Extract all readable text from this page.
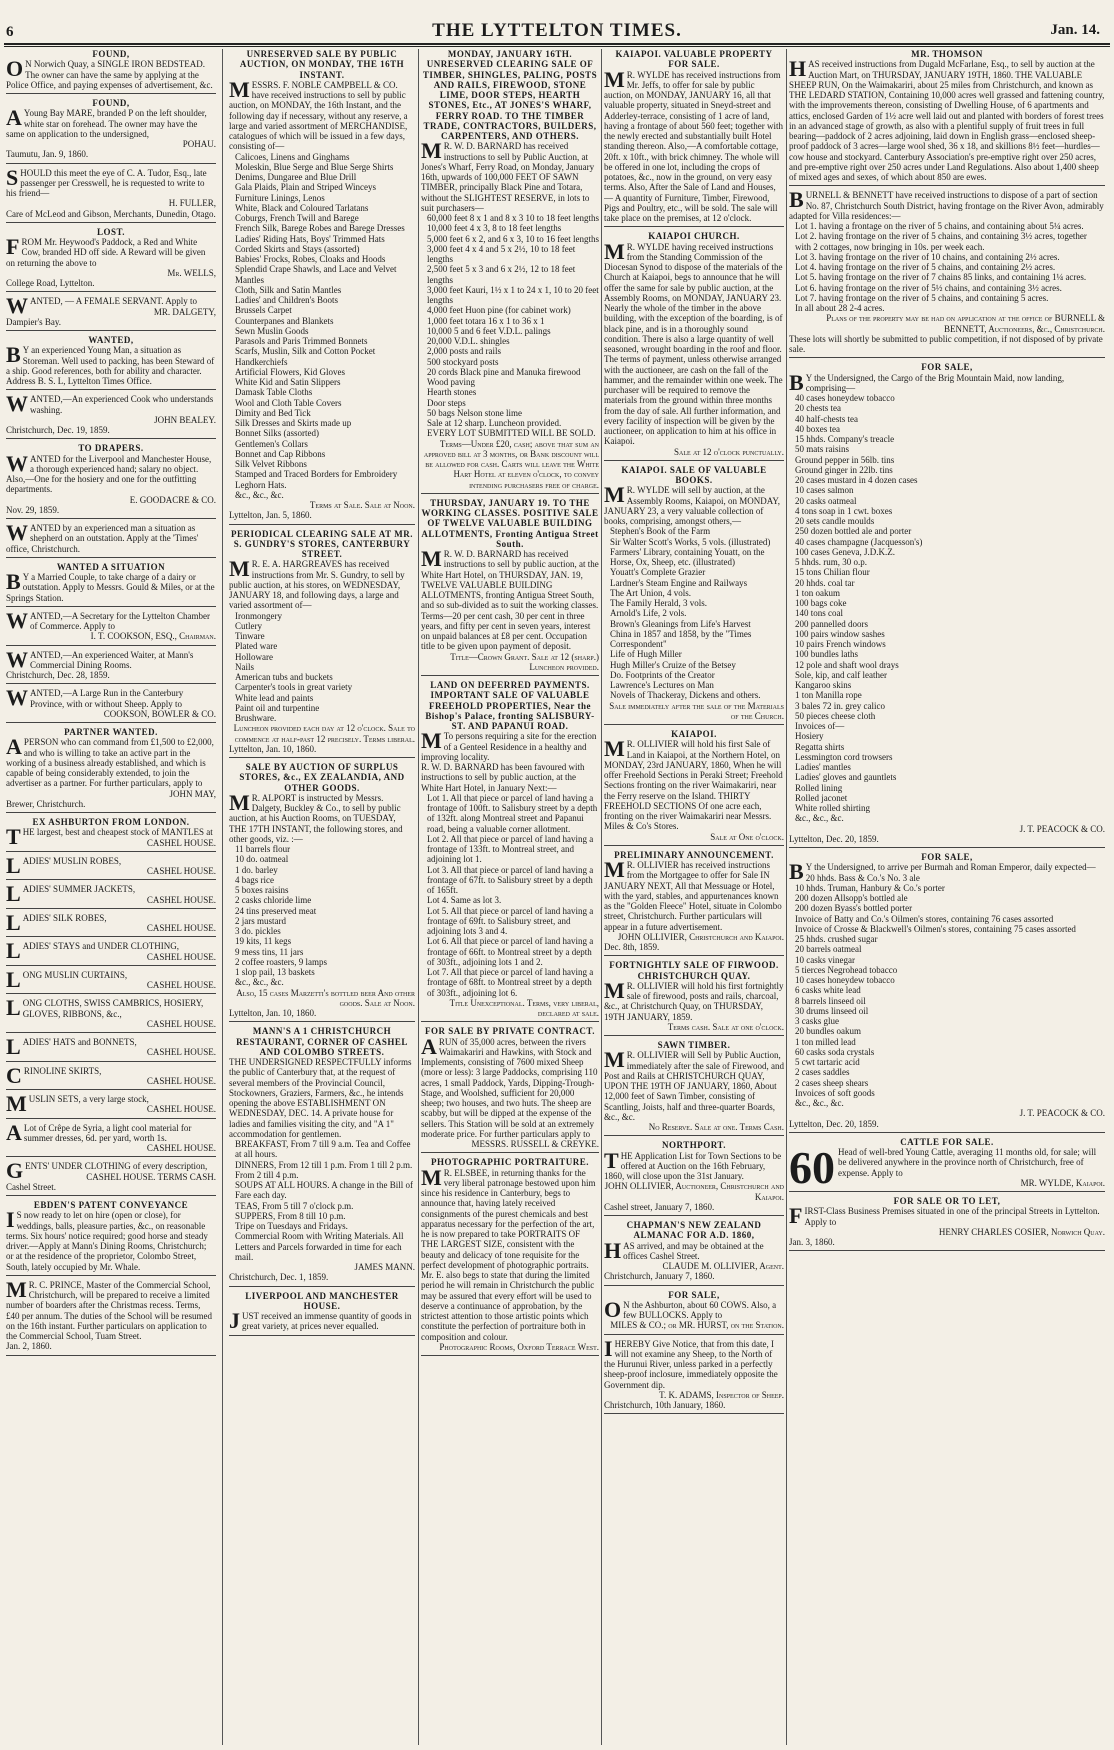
6	THE LYTTELTON TIMES.	Jan. 14.

FOUND,

O N Norwich Quay, a SINGLE IRON BEDSTEAD. The owner can have the same by applying at the Police Office, and paying expenses of advertisement, &c.

FOUND,

A Young Bay MARE, branded P on the left shoulder, white star on forehead. The owner may have the same on application to the undersigned,

POHAU.

Taumutu, Jan. 9, 1860.

SHOULD this meet the eye of C. A. Tudor, Esq., late passenger per Cresswell, he is requested to write to his friend—

H. FULLER,

Care of McLeod and Gibson, Merchants, Dunedin, Otago.

LOST.

FROM Mr. Heywood's Paddock, a Red and White Cow, branded HD off side. A Reward will be given on returning the above to

Mr. WELLS,

College Road, Lyttelton.

WANTED, — A FEMALE SERVANT. Apply to

MR. DALGETY,

Dampier's Bay.

WANTED,

B Y an experienced Young Man, a situation as Storeman. Well used to packing, has been Steward of a ship. Good references, both for ability and character.

Address B. S. L, Lyttelton Times Office.

WANTED,—An experienced Cook who understands washing.

JOHN BEALEY.

Christchurch, Dec. 19, 1859.

TO DRAPERS.

WANTED for the Liverpool and Manchester House, a thorough experienced hand; salary no object. Also,—One for the hosiery and one for the outfitting departments.

E. GOODACRE & CO.

Nov. 29, 1859.

WANTED by an experienced man a situation as shepherd on an outstation. Apply at the 'Times' office, Christchurch.

WANTED A SITUATION

B Y a Married Couple, to take charge of a dairy or outstation. Apply to Messrs. Gould & Miles, or at the Springs Station.

WANTED,—A Secretary for the Lyttelton Chamber of Commerce. Apply to

I. T. COOKSON, ESQ., Chairman.

WANTED,—An experienced Waiter, at Mann's Commercial Dining Rooms.

Christchurch, Dec. 28, 1859.

WANTED,—A Large Run in the Canterbury Province, with or without Sheep. Apply to

COOKSON, BOWLER & CO.

PARTNER WANTED.

A PERSON who can command from £1,500 to £2,000, and who is willing to take an active part in the working of a business already established, and which is capable of being considerably extended, to join the advertiser as a partner. For further particulars, apply to

JOHN MAY,

Brewer, Christchurch.

EX ASHBURTON FROM LONDON.

THE largest, best and cheapest stock of MANTLES at

CASHEL HOUSE.

LADIES' MUSLIN ROBES,

CASHEL HOUSE.

LADIES' SUMMER JACKETS,

CASHEL HOUSE.

LADIES' SILK ROBES,

CASHEL HOUSE.

LADIES' STAYS and UNDER CLOTHING,

CASHEL HOUSE.

LONG MUSLIN CURTAINS,

CASHEL HOUSE.

LONG CLOTHS, SWISS CAMBRICS, HOSIERY, GLOVES, RIBBONS, &c.,

CASHEL HOUSE.

LADIES' HATS and BONNETS,

CASHEL HOUSE.

CRINOLINE SKIRTS,

CASHEL HOUSE.

MUSLIN SETS, a very large stock,

CASHEL HOUSE.

A Lot of Crêpe de Syria, a light cool material for summer dresses, 6d. per yard, worth 1s.

CASHEL HOUSE.

GENTS' UNDER CLOTHING of every description,

CASHEL HOUSE. TERMS CASH.

Cashel Street.

EBDEN'S PATENT CONVEYANCE

I S now ready to let on hire (open or close), for weddings, balls, pleasure parties, &c., on reasonable terms. Six hours' notice required; good horse and steady driver.—Apply at Mann's Dining Rooms, Christchurch; or at the residence of the proprietor, Colombo Street, South, lately occupied by Mr. Whale.

M R. C. PRINCE, Master of the Commercial School, Christchurch, will be prepared to receive a limited number of boarders after the Christmas recess. Terms, £40 per annum. The duties of the School will be resumed on the 16th instant. Further particulars on application to the Commercial School, Tuam Street.

Jan. 2, 1860.

UNRESERVED SALE BY PUBLIC AUCTION, ON MONDAY, THE 16TH INSTANT.

MESSRS. F. NOBLE CAMPBELL & CO. have received instructions to sell by public auction, on MONDAY, the 16th Instant, and the following day if necessary, without any reserve, a large and varied assortment of MERCHANDISE, catalogues of which will be issued in a few days, consisting of—

Calicoes, Linens and Ginghams

Moleskin, Blue Serge and Blue Serge Shirts

Denims, Dungaree and Blue Drill

Gala Plaids, Plain and Striped Winceys

Furniture Linings, Lenos

White, Black and Coloured Tarlatans

Coburgs, French Twill and Barege

French Silk, Barege Robes and Barege Dresses

Ladies' Riding Hats, Boys' Trimmed Hats

Corded Skirts and Stays (assorted)

Babies' Frocks, Robes, Cloaks and Hoods

Splendid Crape Shawls, and Lace and Velvet Mantles

Cloth, Silk and Satin Mantles

Ladies' and Children's Boots

Brussels Carpet

Counterpanes and Blankets

Sewn Muslin Goods

Parasols and Paris Trimmed Bonnets

Scarfs, Muslin, Silk and Cotton Pocket Handkerchiefs

Artificial Flowers, Kid Gloves

White Kid and Satin Slippers

Damask Table Cloths

Wool and Cloth Table Covers

Dimity and Bed Tick

Silk Dresses and Skirts made up

Bonnet Silks (assorted)

Gentlemen's Collars

Bonnet and Cap Ribbons

Silk Velvet Ribbons

Stamped and Traced Borders for Embroidery

Leghorn Hats.

&c., &c., &c.

Terms at Sale. Sale at Noon.

Lyttelton, Jan. 5, 1860.

PERIODICAL CLEARING SALE AT MR. S. GUNDRY'S STORES, CANTERBURY STREET.

M R. E. A. HARGREAVES has received instructions from Mr. S. Gundry, to sell by public auction, at his stores, on WEDNESDAY, JANUARY 18, and following days, a large and varied assortment of—

Ironmongery

Cutlery

Tinware

Plated ware

Holloware

Nails

American tubs and buckets

Carpenter's tools in great variety

White lead and paints

Paint oil and turpentine

Brushware.

Luncheon provided each day at 12 o'clock. Sale to commence at half-past 12 precisely. Terms liberal.

Lyttelton, Jan. 10, 1860.

SALE BY AUCTION OF SURPLUS STORES, &c., EX ZEALANDIA, AND OTHER GOODS.

M R. ALPORT is instructed by Messrs. Dalgety, Buckley & Co., to sell by public auction, at his Auction Rooms, on TUESDAY, THE 17TH INSTANT, the following stores, and other goods, viz. :—

11 barrels flour

10 do. oatmeal

1 do. barley

4 bags rice

5 boxes raisins

2 casks chloride lime

24 tins preserved meat

2 jars mustard

3 do. pickles

19 kits, 11 kegs

9 mess tins, 11 jars

2 coffee roasters, 9 lamps

1 slop pail, 13 baskets

&c., &c., &c.

Also, 15 cases Marzetti's bottled beer And other goods. Sale at Noon.

Lyttelton, Jan. 10, 1860.

MANN'S A 1 CHRISTCHURCH RESTAURANT, CORNER OF CASHEL AND COLOMBO STREETS.

THE UNDERSIGNED RESPECTFULLY informs the public of Canterbury that, at the request of several members of the Provincial Council, Stockowners, Graziers, Farmers, &c., he intends opening the above ESTABLISHMENT ON WEDNESDAY, DEC. 14. A private house for ladies and families visiting the city, and "A 1" accommodation for gentlemen.

BREAKFAST, From 7 till 9 a.m. Tea and Coffee at all hours.

DINNERS, From 12 till 1 p.m. From 1 till 2 p.m. From 2 till 4 p.m.

SOUPS AT ALL HOURS. A change in the Bill of Fare each day.

TEAS, From 5 till 7 o'clock p.m.

SUPPERS, From 8 till 10 p.m.

Tripe on Tuesdays and Fridays.

Commercial Room with Writing Materials. All Letters and Parcels forwarded in time for each mail.

JAMES MANN.

Christchurch, Dec. 1, 1859.

LIVERPOOL AND MANCHESTER HOUSE.

JUST received an immense quantity of goods in great variety, at prices never equalled.

MONDAY, JANUARY 16TH. UNRESERVED CLEARING SALE OF TIMBER, SHINGLES, PALING, POSTS AND RAILS, FIREWOOD, STONE LIME, DOOR STEPS, HEARTH STONES, Etc., AT JONES'S WHARF, FERRY ROAD. TO THE TIMBER TRADE, CONTRACTORS, BUILDERS, CARPENTERS, AND OTHERS.

M R. W. D. BARNARD has received instructions to sell by Public Auction, at Jones's Wharf, Ferry Road, on Monday, January 16th, upwards of 100,000 FEET OF SAWN TIMBER, principally Black Pine and Totara, without the SLIGHTEST RESERVE, in lots to suit purchasers—

60,000 feet 8 x 1 and 8 x 3 10 to 18 feet lengths

10,000 feet 4 x 3, 8 to 18 feet lengths

5,000 feet 6 x 2, and 6 x 3, 10 to 16 feet lengths

3,000 feet 4 x 4 and 5 x 2½, 10 to 18 feet lengths

2,500 feet 5 x 3 and 6 x 2½, 12 to 18 feet lengths

3,000 feet Kauri, 1½ x 1 to 24 x 1, 10 to 20 feet lengths

4,000 feet Huon pine (for cabinet work)

1,000 feet totara 16 x 1 to 36 x 1

10,000 5 and 6 feet V.D.L. palings

20,000 V.D.L. shingles

2,000 posts and rails

500 stockyard posts

20 cords Black pine and Manuka firewood

Wood paving

Hearth stones

Door steps

50 bags Nelson stone lime

Sale at 12 sharp. Luncheon provided.

EVERY LOT SUBMITTED WILL BE SOLD.

Terms—Under £20, cash; above that sum an approved bill at 3 months, or Bank discount will be allowed for cash. Carts will leave the White Hart Hotel at eleven o'clock, to convey intending purchasers free of charge.

THURSDAY, JANUARY 19. TO THE WORKING CLASSES. POSITIVE SALE OF TWELVE VALUABLE BUILDING ALLOTMENTS, Fronting Antigua Street South.

M R. W. D. BARNARD has received instructions to sell by public auction, at the White Hart Hotel, on THURSDAY, JAN. 19, TWELVE VALUABLE BUILDING ALLOTMENTS, fronting Antigua Street South, and so sub-divided as to suit the working classes. Terms—20 per cent cash, 30 per cent in three years, and fifty per cent in seven years, interest on unpaid balances at £8 per cent. Occupation title to be given upon payment of deposit.

Title—Crown Grant. Sale at 12 (sharp.) Luncheon provided.

LAND ON DEFERRED PAYMENTS. IMPORTANT SALE OF VALUABLE FREEHOLD PROPERTIES, Near the Bishop's Palace, fronting SALISBURY-ST. AND PAPANUI ROAD.

M To persons requiring a site for the erection of a Genteel Residence in a healthy and improving locality.

R. W. D. BARNARD has been favoured with instructions to sell by public auction, at the White Hart Hotel, in January Next:—

Lot 1. All that piece or parcel of land having a frontage of 100ft. to Salisbury street by a depth of 132ft. along Montreal street and Papanui road, being a valuable corner allotment.

Lot 2. All that piece or parcel of land having a frontage of 133ft. to Montreal street, and adjoining lot 1.

Lot 3. All that piece or parcel of land having a frontage of 67ft. to Salisbury street by a depth of 165ft.

Lot 4. Same as lot 3.

Lot 5. All that piece or parcel of land having a frontage of 69ft. to Salisbury street, and adjoining lots 3 and 4.

Lot 6. All that piece or parcel of land having a frontage of 66ft. to Montreal street by a depth of 303ft., adjoining lots 1 and 2.

Lot 7. All that piece or parcel of land having a frontage of 68ft. to Montreal street by a depth of 303ft., adjoining lot 6.

Title Unexceptional. Terms, very liberal, declared at sale.

FOR SALE BY PRIVATE CONTRACT.

A RUN of 35,000 acres, between the rivers Waimakariri and Hawkins, with Stock and Implements, consisting of 7600 mixed Sheep (more or less): 3 large Paddocks, comprising 110 acres, 1 small Paddock, Yards, Dipping-Trough-Stage, and Woolshed, sufficient for 20,000 sheep; two houses, and two huts. The sheep are scabby, but will be dipped at the expense of the sellers. This Station will be sold at an extremely moderate price. For further particulars apply to

MESSRS. RUSSELL & CREYKE.

PHOTOGRAPHIC PORTRAITURE.

M R. ELSBEE, in returning thanks for the very liberal patronage bestowed upon him since his residence in Canterbury, begs to announce that, having lately received consignments of the purest chemicals and best apparatus necessary for the perfection of the art, he is now prepared to take PORTRAITS OF THE LARGEST SIZE, consistent with the beauty and delicacy of tone requisite for the perfect development of photographic portraits. Mr. E. also begs to state that during the limited period he will remain in Christchurch the public may be assured that every effort will be used to deserve a continuance of approbation, by the strictest attention to those artistic points which constitute the perfection of portraiture both in composition and colour.

Photographic Rooms, Oxford Terrace West.

KAIAPOI. VALUABLE PROPERTY FOR SALE.

M R. WYLDE has received instructions from Mr. Jeffs, to offer for sale by public auction, on MONDAY, JANUARY 16, all that valuable property, situated in Sneyd-street and Adderley-terrace, consisting of 1 acre of land, having a frontage of about 560 feet; together with the newly erected and substantially built Hotel standing thereon. Also,—A comfortable cottage, 20ft. x 10ft., with brick chimney. The whole will be offered in one lot, including the crops of potatoes, &c., now in the ground, on very easy terms. Also, After the Sale of Land and Houses,— A quantity of Furniture, Timber, Firewood, Pigs and Poultry, etc., will be sold. The sale will take place on the premises, at 12 o'clock.

KAIAPOI CHURCH.

M R. WYLDE having received instructions from the Standing Commission of the Diocesan Synod to dispose of the materials of the Church at Kaiapoi, begs to announce that he will offer the same for sale by public auction, at the Assembly Rooms, on MONDAY, JANUARY 23. Nearly the whole of the timber in the above building, with the exception of the boarding, is of black pine, and is in a thoroughly sound condition. There is also a large quantity of well seasoned, wrought boarding in the roof and floor. The terms of payment, unless otherwise arranged with the auctioneer, are cash on the fall of the hammer, and the remainder within one week. The purchaser will be required to remove the materials from the ground within three months from the day of sale. All further information, and every facility of inspection will be given by the auctioneer, on application to him at his office in Kaiapoi.

Sale at 12 o'clock punctually.

KAIAPOI. SALE OF VALUABLE BOOKS.

M R. WYLDE will sell by auction, at the Assembly Rooms, Kaiapoi, on MONDAY, JANUARY 23, a very valuable collection of books, comprising, amongst others,—

Stephen's Book of the Farm

Sir Walter Scott's Works, 5 vols. (illustrated)

Farmers' Library, containing Youatt, on the Horse, Ox, Sheep, etc. (illustrated)

Youatt's Complete Grazier

Lardner's Steam Engine and Railways

The Art Union, 4 vols.

The Family Herald, 3 vols.

Arnold's Life, 2 vols.

Brown's Gleanings from Life's Harvest

China in 1857 and 1858, by the "Times Correspondent"

Life of Hugh Miller

Hugh Miller's Cruize of the Betsey

Do. Footprints of the Creator

Lawrence's Lectures on Man

Novels of Thackeray, Dickens and others.

Sale immediately after the sale of the Materials of the Church.

KAIAPOI.

M R. OLLIVIER will hold his first Sale of Land in Kaiapoi, at the Northern Hotel, on MONDAY, 23rd JANUARY, 1860, When he will offer Freehold Sections in Peraki Street; Freehold Sections fronting on the river Waimakariri, near the Ferry reserve on the Island. THIRTY FREEHOLD SECTIONS Of one acre each, fronting on the river Waimakariri near Messrs. Miles & Co's Stores.

Sale at One o'clock.

PRELIMINARY ANNOUNCEMENT.

M R. OLLIVIER has received instructions from the Mortgagee to offer for Sale IN JANUARY NEXT, All that Messuage or Hotel, with the yard, stables, and appurtenances known as the "Golden Fleece" Hotel, situate in Colombo street, Christchurch. Further particulars will appear in a future advertisement.

JOHN OLLIVIER, Christchurch and Kaiapoi.

Dec. 8th, 1859.

FORTNIGHTLY SALE OF FIRWOOD. CHRISTCHURCH QUAY.

M R. OLLIVIER will hold his first fortnightly sale of firewood, posts and rails, charcoal, &c., at Christchurch Quay, on THURSDAY, 19TH JANUARY, 1859.

Terms cash. Sale at one o'clock.

SAWN TIMBER.

M R. OLLIVIER will Sell by Public Auction, immediately after the sale of Firewood, and Post and Rails at CHRISTCHURCH QUAY, UPON THE 19TH OF JANUARY, 1860, About 12,000 feet of Sawn Timber, consisting of Scantling, Joists, half and three-quarter Boards, &c., &c.

No Reserve. Sale at one. Terms Cash.

NORTHPORT.

THE Application List for Town Sections to be offered at Auction on the 16th February, 1860, will close upon the 31st January.

JOHN OLLIVIER, Auctioneer, Christchurch and Kaiapoi.

Cashel street, January 7, 1860.

CHAPMAN'S NEW ZEALAND ALMANAC FOR A.D. 1860,

HAS arrived, and may be obtained at the offices Cashel Street.

CLAUDE M. OLLIVIER, Agent.

Christchurch, January 7, 1860.

FOR SALE,

O N the Ashburton, about 60 COWS. Also, a few BULLOCKS. Apply to

MILES & CO.; or MR. HURST, on the Station.

I HEREBY Give Notice, that from this date, I will not examine any Sheep, to the North of the Hurunui River, unless parked in a perfectly sheep-proof inclosure, immediately opposite the Government dip.

T. K. ADAMS, Inspector of Sheep.

Christchurch, 10th January, 1860.

MR. THOMSON

HAS received instructions from Dugald McFarlane, Esq., to sell by auction at the Auction Mart, on THURSDAY, JANUARY 19TH, 1860. THE VALUABLE SHEEP RUN, On the Waimakariri, about 25 miles from Christchurch, and known as THE LEDARD STATION, Containing 10,000 acres well grassed and fattening country, with the improvements thereon, consisting of Dwelling House, of 6 apartments and attics, enclosed Garden of 1½ acre well laid out and planted with borders of forest trees in an advanced stage of growth, as also with a plentiful supply of fruit trees in full bearing—paddock of 2 acres adjoining, laid down in English grass—enclosed sheep-proof paddock of 3 acres—large wool shed, 36 x 18, and skillions 8½ feet—hurdles—cow house and stockyard. Canterbury Association's pre-emptive right over 250 acres, and pre-emptive right over 250 acres under Land Regulations. Also about 1,400 sheep of mixed ages and sexes, of which about 850 are ewes.

BURNELL & BENNETT have received instructions to dispose of a part of section No. 87, Christchurch South District, having frontage on the River Avon, admirably adapted for Villa residences:—

Lot 1. having a frontage on the river of 5 chains, and containing about 5¼ acres.

Lot 2. having frontage on the river of 5 chains, and containing 3½ acres, together with 2 cottages, now bringing in 10s. per week each.

Lot 3. having frontage on the river of 10 chains, and containing 2½ acres.

Lot 4. having frontage on the river of 5 chains, and containing 2½ acres.

Lot 5. having frontage on the river of 7 chains 85 links, and containing 1¼ acres.

Lot 6. having frontage on the river of 5½ chains, and containing 3½ acres.

Lot 7. having frontage on the river of 5 chains, and containing 5 acres.

In all about 28 2-4 acres.

Plans of the property may be had on application at the office of BURNELL & BENNETT, Auctioneers, &c., Christchurch.

These lots will shortly be submitted to public competition, if not disposed of by private sale.

FOR SALE,

B Y the Undersigned, the Cargo of the Brig Mountain Maid, now landing, comprising—

40 cases honeydew tobacco

20 chests tea

40 half-chests tea

40 boxes tea

15 hhds. Company's treacle

50 mats raisins

Ground pepper in 56lb. tins

Ground ginger in 22lb. tins

20 cases mustard in 4 dozen cases

10 cases salmon

20 casks oatmeal

4 tons soap in 1 cwt. boxes

20 sets candle moulds

250 dozen bottled ale and porter

40 cases champagne (Jacquesson's)

100 cases Geneva, J.D.K.Z.

5 hhds. rum, 30 o.p.

15 tons Chilian flour

20 hhds. coal tar

1 ton oakum

100 bags coke

140 tons coal

200 pannelled doors

100 pairs window sashes

10 pairs French windows

100 bundles laths

12 pole and shaft wool drays

Sole, kip, and calf leather

Kangaroo skins

1 ton Manilla rope

3 bales 72 in. grey calico

50 pieces cheese cloth

Invoices of—

Hosiery

Regatta shirts

Lessmington cord trowsers

Ladies' mantles

Ladies' gloves and gauntlets

Rolled lining

Rolled jaconet

White rolled shirting

&c., &c., &c.

J. T. PEACOCK & CO.

Lyttelton, Dec. 20, 1859.

FOR SALE,

B Y the Undersigned, to arrive per Burmah and Roman Emperor, daily expected—

20 hhds. Bass & Co.'s No. 3 ale

10 hhds. Truman, Hanbury & Co.'s porter

200 dozen Allsopp's bottled ale

200 dozen Byass's bottled porter

Invoice of Batty and Co.'s Oilmen's stores, containing 76 cases assorted

Invoice of Crosse & Blackwell's Oilmen's stores, containing 75 cases assorted

25 hhds. crushed sugar

20 barrels oatmeal

10 casks vinegar

5 tierces Negrohead tobacco

10 cases honeydew tobacco

6 casks white lead

8 barrels linseed oil

30 drums linseed oil

3 casks glue

20 bundles oakum

1 ton milled lead

60 casks soda crystals

5 cwt tartaric acid

2 cases saddles

2 cases sheep shears

Invoices of soft goods

&c., &c., &c.

J. T. PEACOCK & CO.

Lyttelton, Dec. 20, 1859.

CATTLE FOR SALE.

60 Head of well-bred Young Cattle, averaging 11 months old, for sale; will be delivered anywhere in the province north of Christchurch, free of expense. Apply to

MR. WYLDE, Kaiapoi.

FOR SALE OR TO LET,

FIRST-Class Business Premises situated in one of the principal Streets in Lyttelton. Apply to

HENRY CHARLES COSIER, Norwich Quay.

Jan. 3, 1860.
